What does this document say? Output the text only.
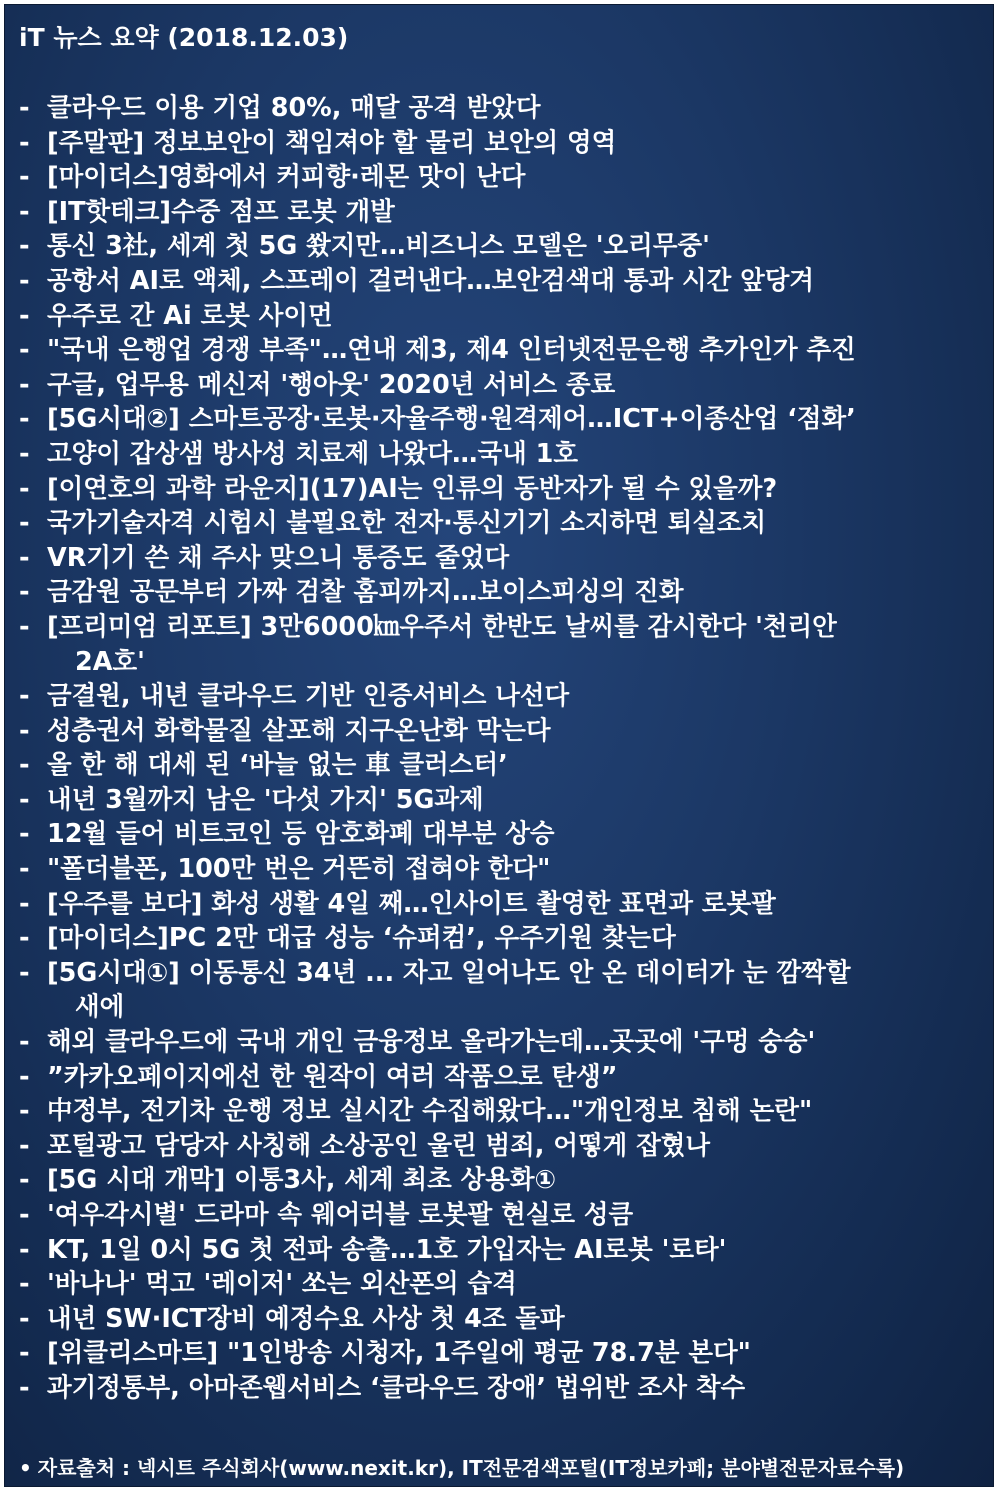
iT 뉴스 요약 (2018.12.03)
- 클라우드 이용 기업 80%, 매달 공격 받았다
- [주말판] 정보보안이 책임져야 할 물리 보안의 영역
- [마이더스]영화에서 커피향·레몬 맛이 난다
- [IT핫테크]수중 점프 로봇 개발
- 통신 3社, 세계 첫 5G 쐈지만…비즈니스 모델은 '오리무중'
- 공항서 AI로 액체, 스프레이 걸러낸다…보안검색대 통과 시간 앞당겨
- 우주로 간 Ai 로봇 사이먼
- "국내 은행업 경쟁 부족"…연내 제3, 제4 인터넷전문은행 추가인가 추진
- 구글, 업무용 메신저 '행아웃' 2020년 서비스 종료
- [5G시대②] 스마트공장·로봇·자율주행·원격제어…ICT+이종산업 ‘점화’
- 고양이 갑상샘 방사성 치료제 나왔다…국내 1호
- [이연호의 과학 라운지](17)AI는 인류의 동반자가 될 수 있을까?
- 국가기술자격 시험시 불필요한 전자·통신기기 소지하면 퇴실조치
- VR기기 쓴 채 주사 맞으니 통증도 줄었다
- 금감원 공문부터 가짜 검찰 홈피까지…보이스피싱의 진화
- [프리미엄 리포트] 3만6000㎞우주서 한반도 날씨를 감시한다 '천리안
2A호'
- 금결원, 내년 클라우드 기반 인증서비스 나선다
- 성층권서 화학물질 살포해 지구온난화 막는다
- 올 한 해 대세 된 ‘바늘 없는 車 클러스터’
- 내년 3월까지 남은 '다섯 가지' 5G과제
- 12월 들어 비트코인 등 암호화폐 대부분 상승
- "폴더블폰, 100만 번은 거뜬히 접혀야 한다"
- [우주를 보다] 화성 생활 4일 째…인사이트 촬영한 표면과 로봇팔
- [마이더스]PC 2만 대급 성능 ‘슈퍼컴’, 우주기원 찾는다
- [5G시대①] 이동통신 34년 ... 자고 일어나도 안 온 데이터가 눈 깜짝할
새에
- 해외 클라우드에 국내 개인 금융정보 올라가는데…곳곳에 '구멍 숭숭'
- ”카카오페이지에선 한 원작이 여러 작품으로 탄생”
- 中정부, 전기차 운행 정보 실시간 수집해왔다…"개인정보 침해 논란"
- 포털광고 담당자 사칭해 소상공인 울린 범죄, 어떻게 잡혔나
- [5G 시대 개막] 이통3사, 세계 최초 상용화①
- '여우각시별' 드라마 속 웨어러블 로봇팔 현실로 성큼
- KT, 1일 0시 5G 첫 전파 송출…1호 가입자는 AI로봇 '로타'
- '바나나' 먹고 '레이저' 쏘는 외산폰의 습격
- 내년 SW·ICT장비 예정수요 사상 첫 4조 돌파
- [위클리스마트] "1인방송 시청자, 1주일에 평균 78.7분 본다"
- 과기정통부, 아마존웹서비스 ‘클라우드 장애’ 법위반 조사 착수
• 자료출처 : 넥시트 주식회사(www.nexit.kr), IT전문검색포털(IT정보카페; 분야별전문자료수록)
